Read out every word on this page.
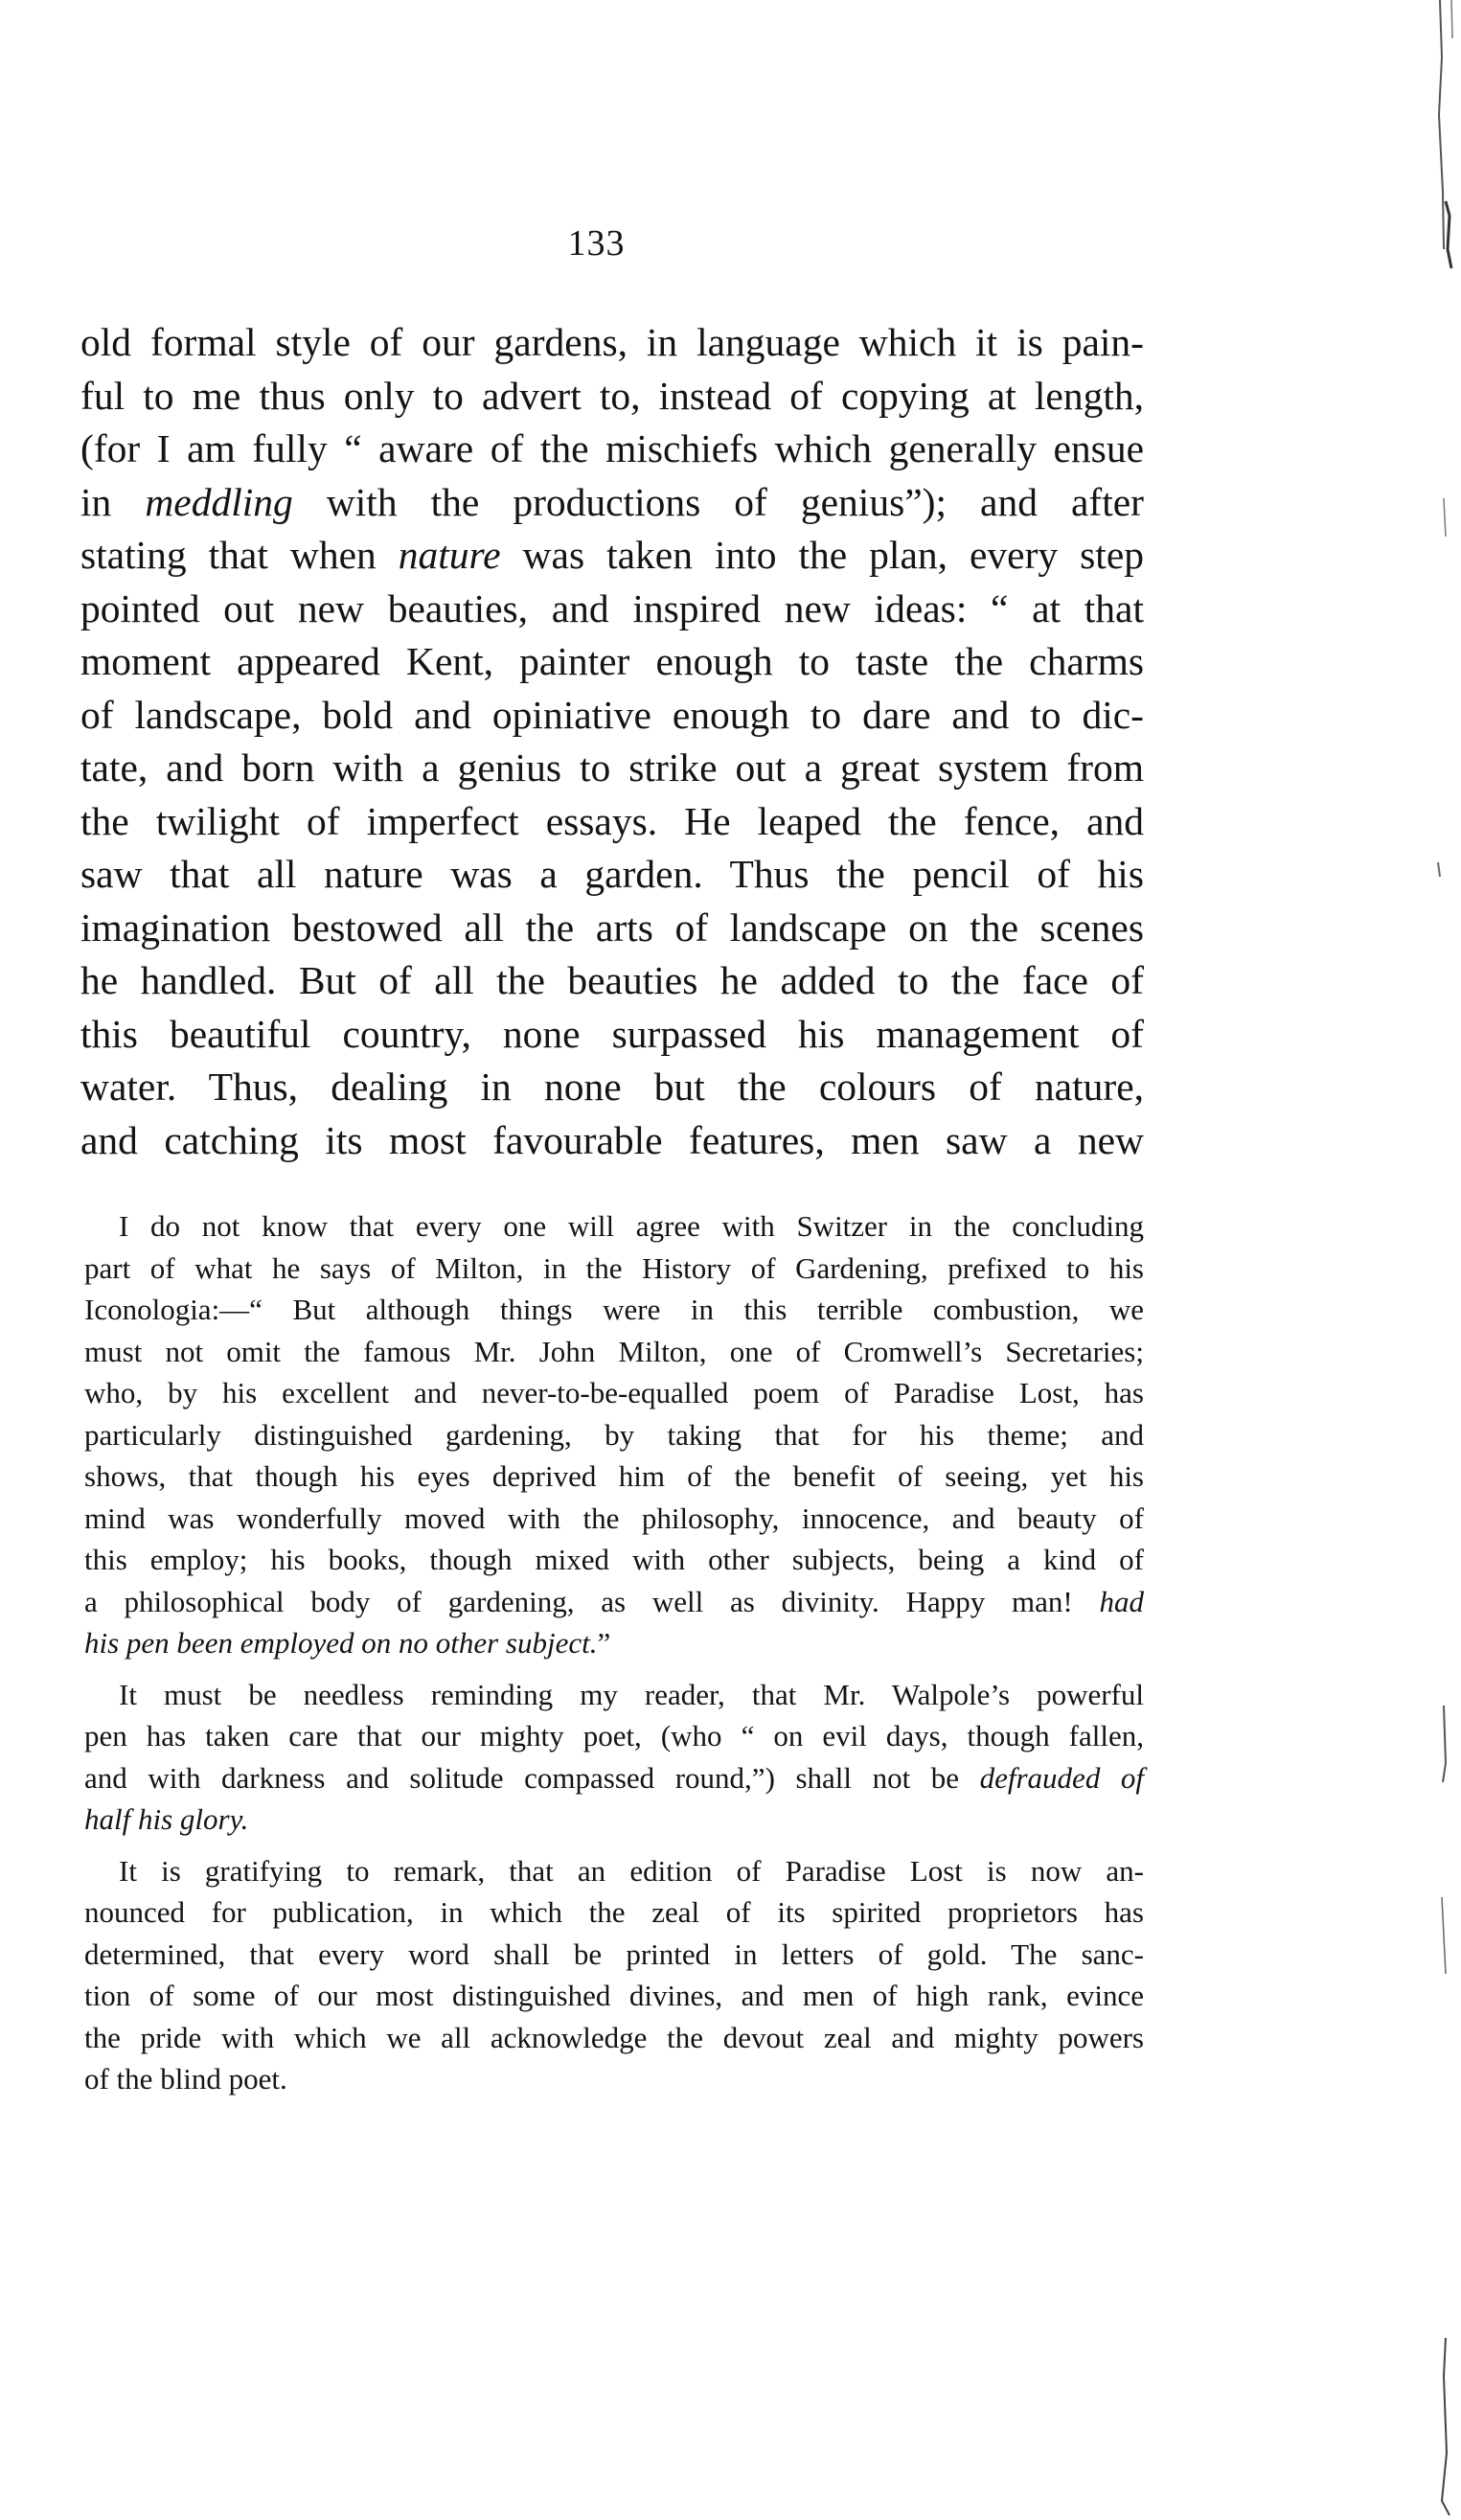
133
old formal style of our gardens, in language which it is pain-
ful to me thus only to advert to, instead of copying at length,
(for I am fully “ aware of the mischiefs which generally ensue
in meddling with the productions of genius”); and after
stating that when nature was taken into the plan, every step
pointed out new beauties, and inspired new ideas: “ at that
moment appeared Kent, painter enough to taste the charms
of landscape, bold and opiniative enough to dare and to dic-
tate, and born with a genius to strike out a great system from
the twilight of imperfect essays. He leaped the fence, and
saw that all nature was a garden. Thus the pencil of his
imagination bestowed all the arts of landscape on the scenes
he handled. But of all the beauties he added to the face of
this beautiful country, none surpassed his management of
water. Thus, dealing in none but the colours of nature,
and catching its most favourable features, men saw a new
I do not know that every one will agree with Switzer in the concluding
part of what he says of Milton, in the History of Gardening, prefixed to his
Iconologia:—“ But although things were in this terrible combustion, we
must not omit the famous Mr. John Milton, one of Cromwell’s Secretaries;
who, by his excellent and never-to-be-equalled poem of Paradise Lost, has
particularly distinguished gardening, by taking that for his theme; and
shows, that though his eyes deprived him of the benefit of seeing, yet his
mind was wonderfully moved with the philosophy, innocence, and beauty of
this employ; his books, though mixed with other subjects, being a kind of
a philosophical body of gardening, as well as divinity. Happy man! had
his pen been employed on no other subject.”
It must be needless reminding my reader, that Mr. Walpole’s powerful
pen has taken care that our mighty poet, (who “ on evil days, though fallen,
and with darkness and solitude compassed round,”) shall not be defrauded of
half his glory.
It is gratifying to remark, that an edition of Paradise Lost is now an-
nounced for publication, in which the zeal of its spirited proprietors has
determined, that every word shall be printed in letters of gold. The sanc-
tion of some of our most distinguished divines, and men of high rank, evince
the pride with which we all acknowledge the devout zeal and mighty powers
of the blind poet.
